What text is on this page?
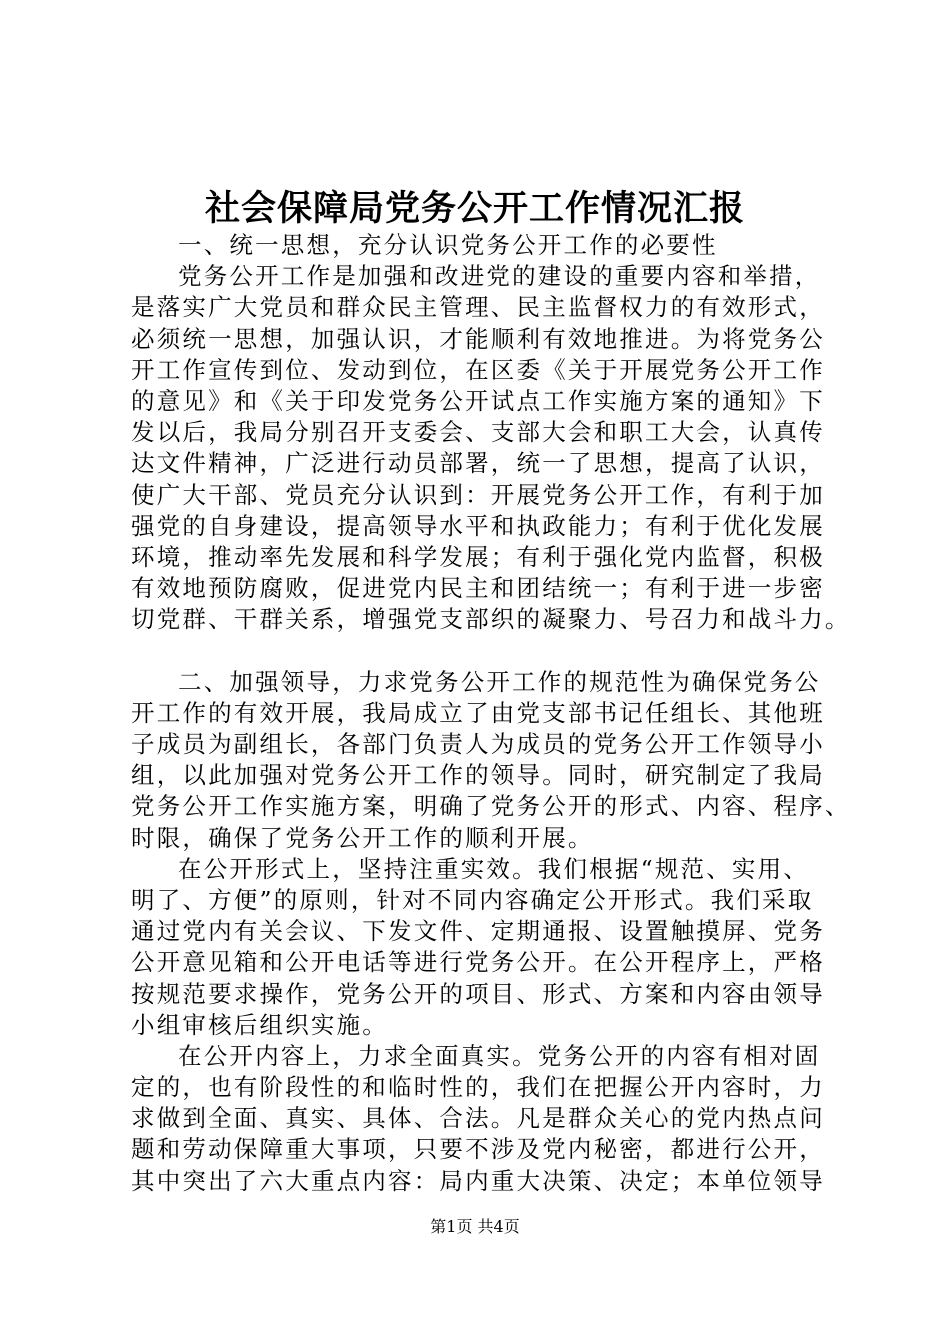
社会保障局党务公开工作情况汇报
一、统一思想，充分认识党务公开工作的必要性
党务公开工作是加强和改进党的建设的重要内容和举措，
是落实广大党员和群众民主管理、民主监督权力的有效形式，
必须统一思想，加强认识，才能顺利有效地推进。为将党务公
开工作宣传到位、发动到位，在区委《关于开展党务公开工作
的意见》和《关于印发党务公开试点工作实施方案的通知》下
发以后，我局分别召开支委会、支部大会和职工大会，认真传
达文件精神，广泛进行动员部署，统一了思想，提高了认识，
使广大干部、党员充分认识到：开展党务公开工作，有利于加
强党的自身建设，提高领导水平和执政能力；有利于优化发展
环境，推动率先发展和科学发展；有利于强化党内监督，积极
有效地预防腐败，促进党内民主和团结统一；有利于进一步密
切党群、干群关系，增强党支部织的凝聚力、号召力和战斗力。
二、加强领导，力求党务公开工作的规范性为确保党务公
开工作的有效开展，我局成立了由党支部书记任组长、其他班
子成员为副组长，各部门负责人为成员的党务公开工作领导小
组，以此加强对党务公开工作的领导。同时，研究制定了我局
党务公开工作实施方案，明确了党务公开的形式、内容、程序、
时限，确保了党务公开工作的顺利开展。
在公开形式上，坚持注重实效。我们根据“规范、实用、
明了、方便”的原则，针对不同内容确定公开形式。我们采取
通过党内有关会议、下发文件、定期通报、设置触摸屏、党务
公开意见箱和公开电话等进行党务公开。在公开程序上，严格
按规范要求操作，党务公开的项目、形式、方案和内容由领导
小组审核后组织实施。
在公开内容上，力求全面真实。党务公开的内容有相对固
定的，也有阶段性的和临时性的，我们在把握公开内容时，力
求做到全面、真实、具体、合法。凡是群众关心的党内热点问
题和劳动保障重大事项，只要不涉及党内秘密，都进行公开，
其中突出了六大重点内容：局内重大决策、决定；本单位领导
第1页 共4页
